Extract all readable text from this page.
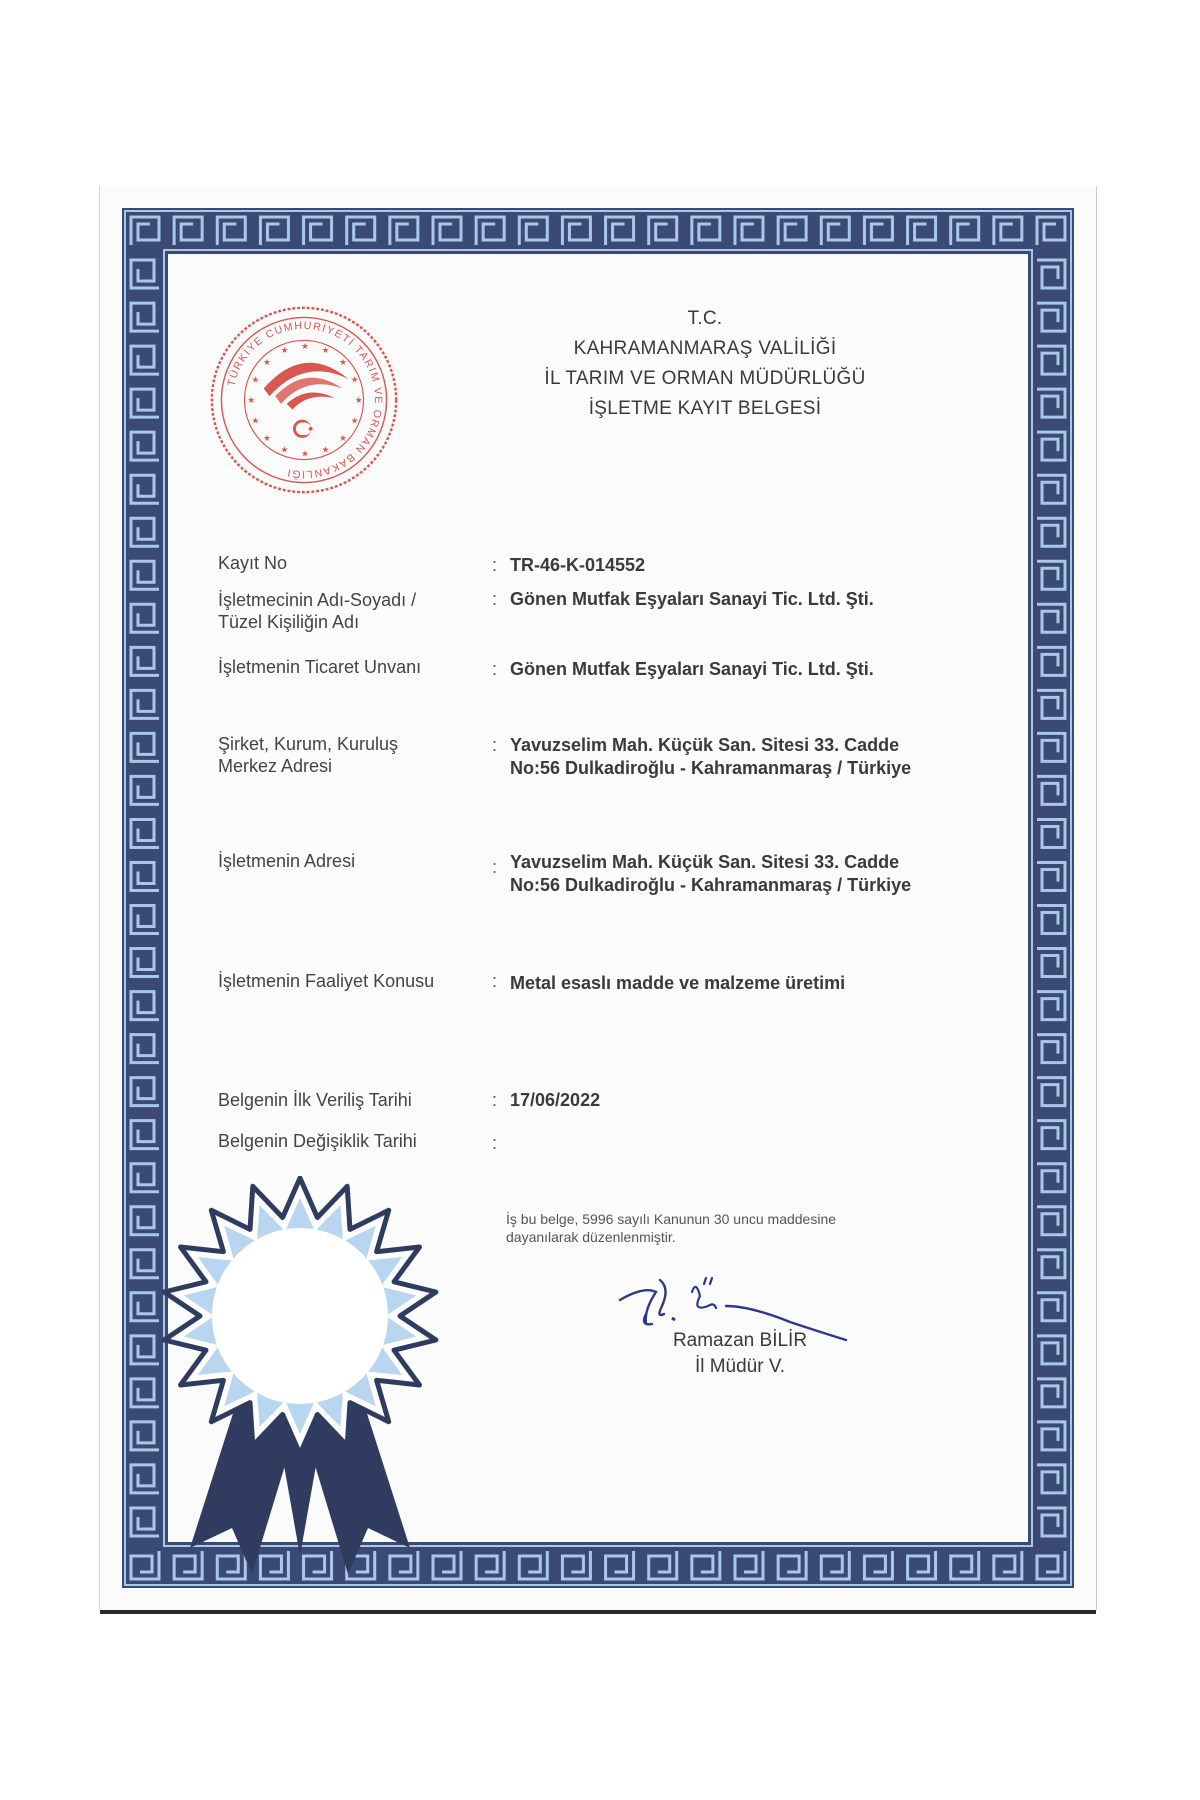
TÜRKİYE CUMHURİYETİ TARIM VE ORMAN BAKANLIĞI
★
★
★
★
★
★
★
★
★
★
★
★ ★ ★
★
★
T.C.
KAHRAMANMARAŞ VALİLİĞİ
İL TARIM VE ORMAN MÜDÜRLÜĞÜ
İŞLETME KAYIT BELGESİ
Kayıt No	: TR-46-K-014552
İşletmecinin Adı-Soyadı /
Tüzel Kişiliğin Adı
: Gönen Mutfak Eşyaları Sanayi Tic. Ltd. Şti.
İşletmenin Ticaret Unvanı	: Gönen Mutfak Eşyaları Sanayi Tic. Ltd. Şti.
Şirket, Kurum, Kuruluş
Merkez Adresi
: Yavuzselim Mah. Küçük San. Sitesi 33. Cadde
No:56 Dulkadiroğlu - Kahramanmaraş / Türkiye
İşletmenin Adresi	: Yavuzselim Mah. Küçük San. Sitesi 33. Cadde
No:56 Dulkadiroğlu - Kahramanmaraş / Türkiye
İşletmenin Faaliyet Konusu	: Metal esaslı madde ve malzeme üretimi
Belgenin İlk Veriliş Tarihi	: 17/06/2022
Belgenin Değişiklik Tarihi	:
İş bu belge, 5996 sayılı Kanunun 30 uncu maddesine
dayanılarak düzenlenmiştir.
Ramazan BİLİR
İl Müdür V.
